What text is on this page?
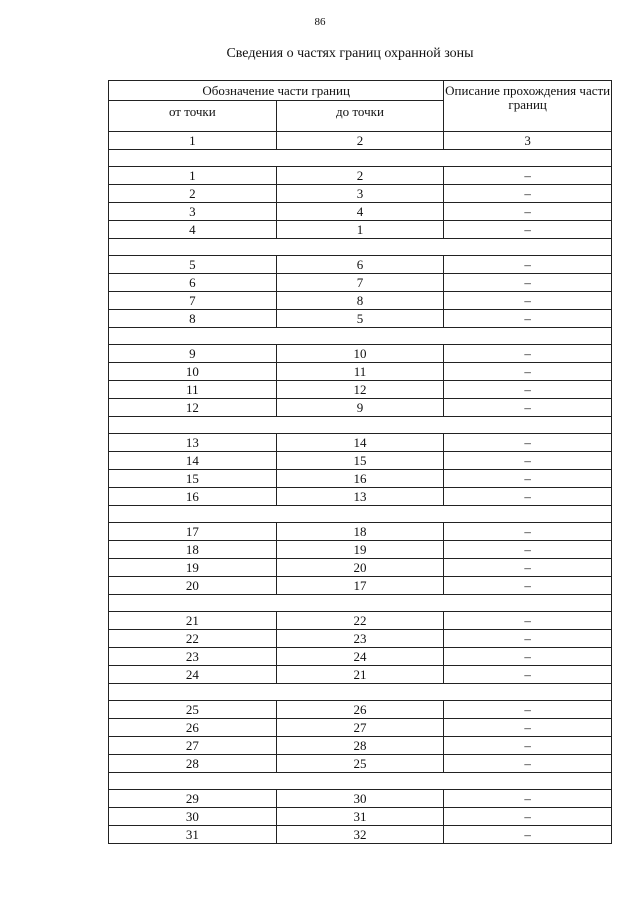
86
Сведения о частях границ охранной зоны
Обозначение части границ		Описание прохождения части границ
от точки	до точки	
1	2	3

1	2	–
2	3	–
3	4	–
4	1	–

5	6	–
6	7	–
7	8	–
8	5	–

9	10	–
10	11	–
11	12	–
12	9	–

13	14	–
14	15	–
15	16	–
16	13	–

17	18	–
18	19	–
19	20	–
20	17	–

21	22	–
22	23	–
23	24	–
24	21	–

25	26	–
26	27	–
27	28	–
28	25	–

29	30	–
30	31	–
31	32	–
